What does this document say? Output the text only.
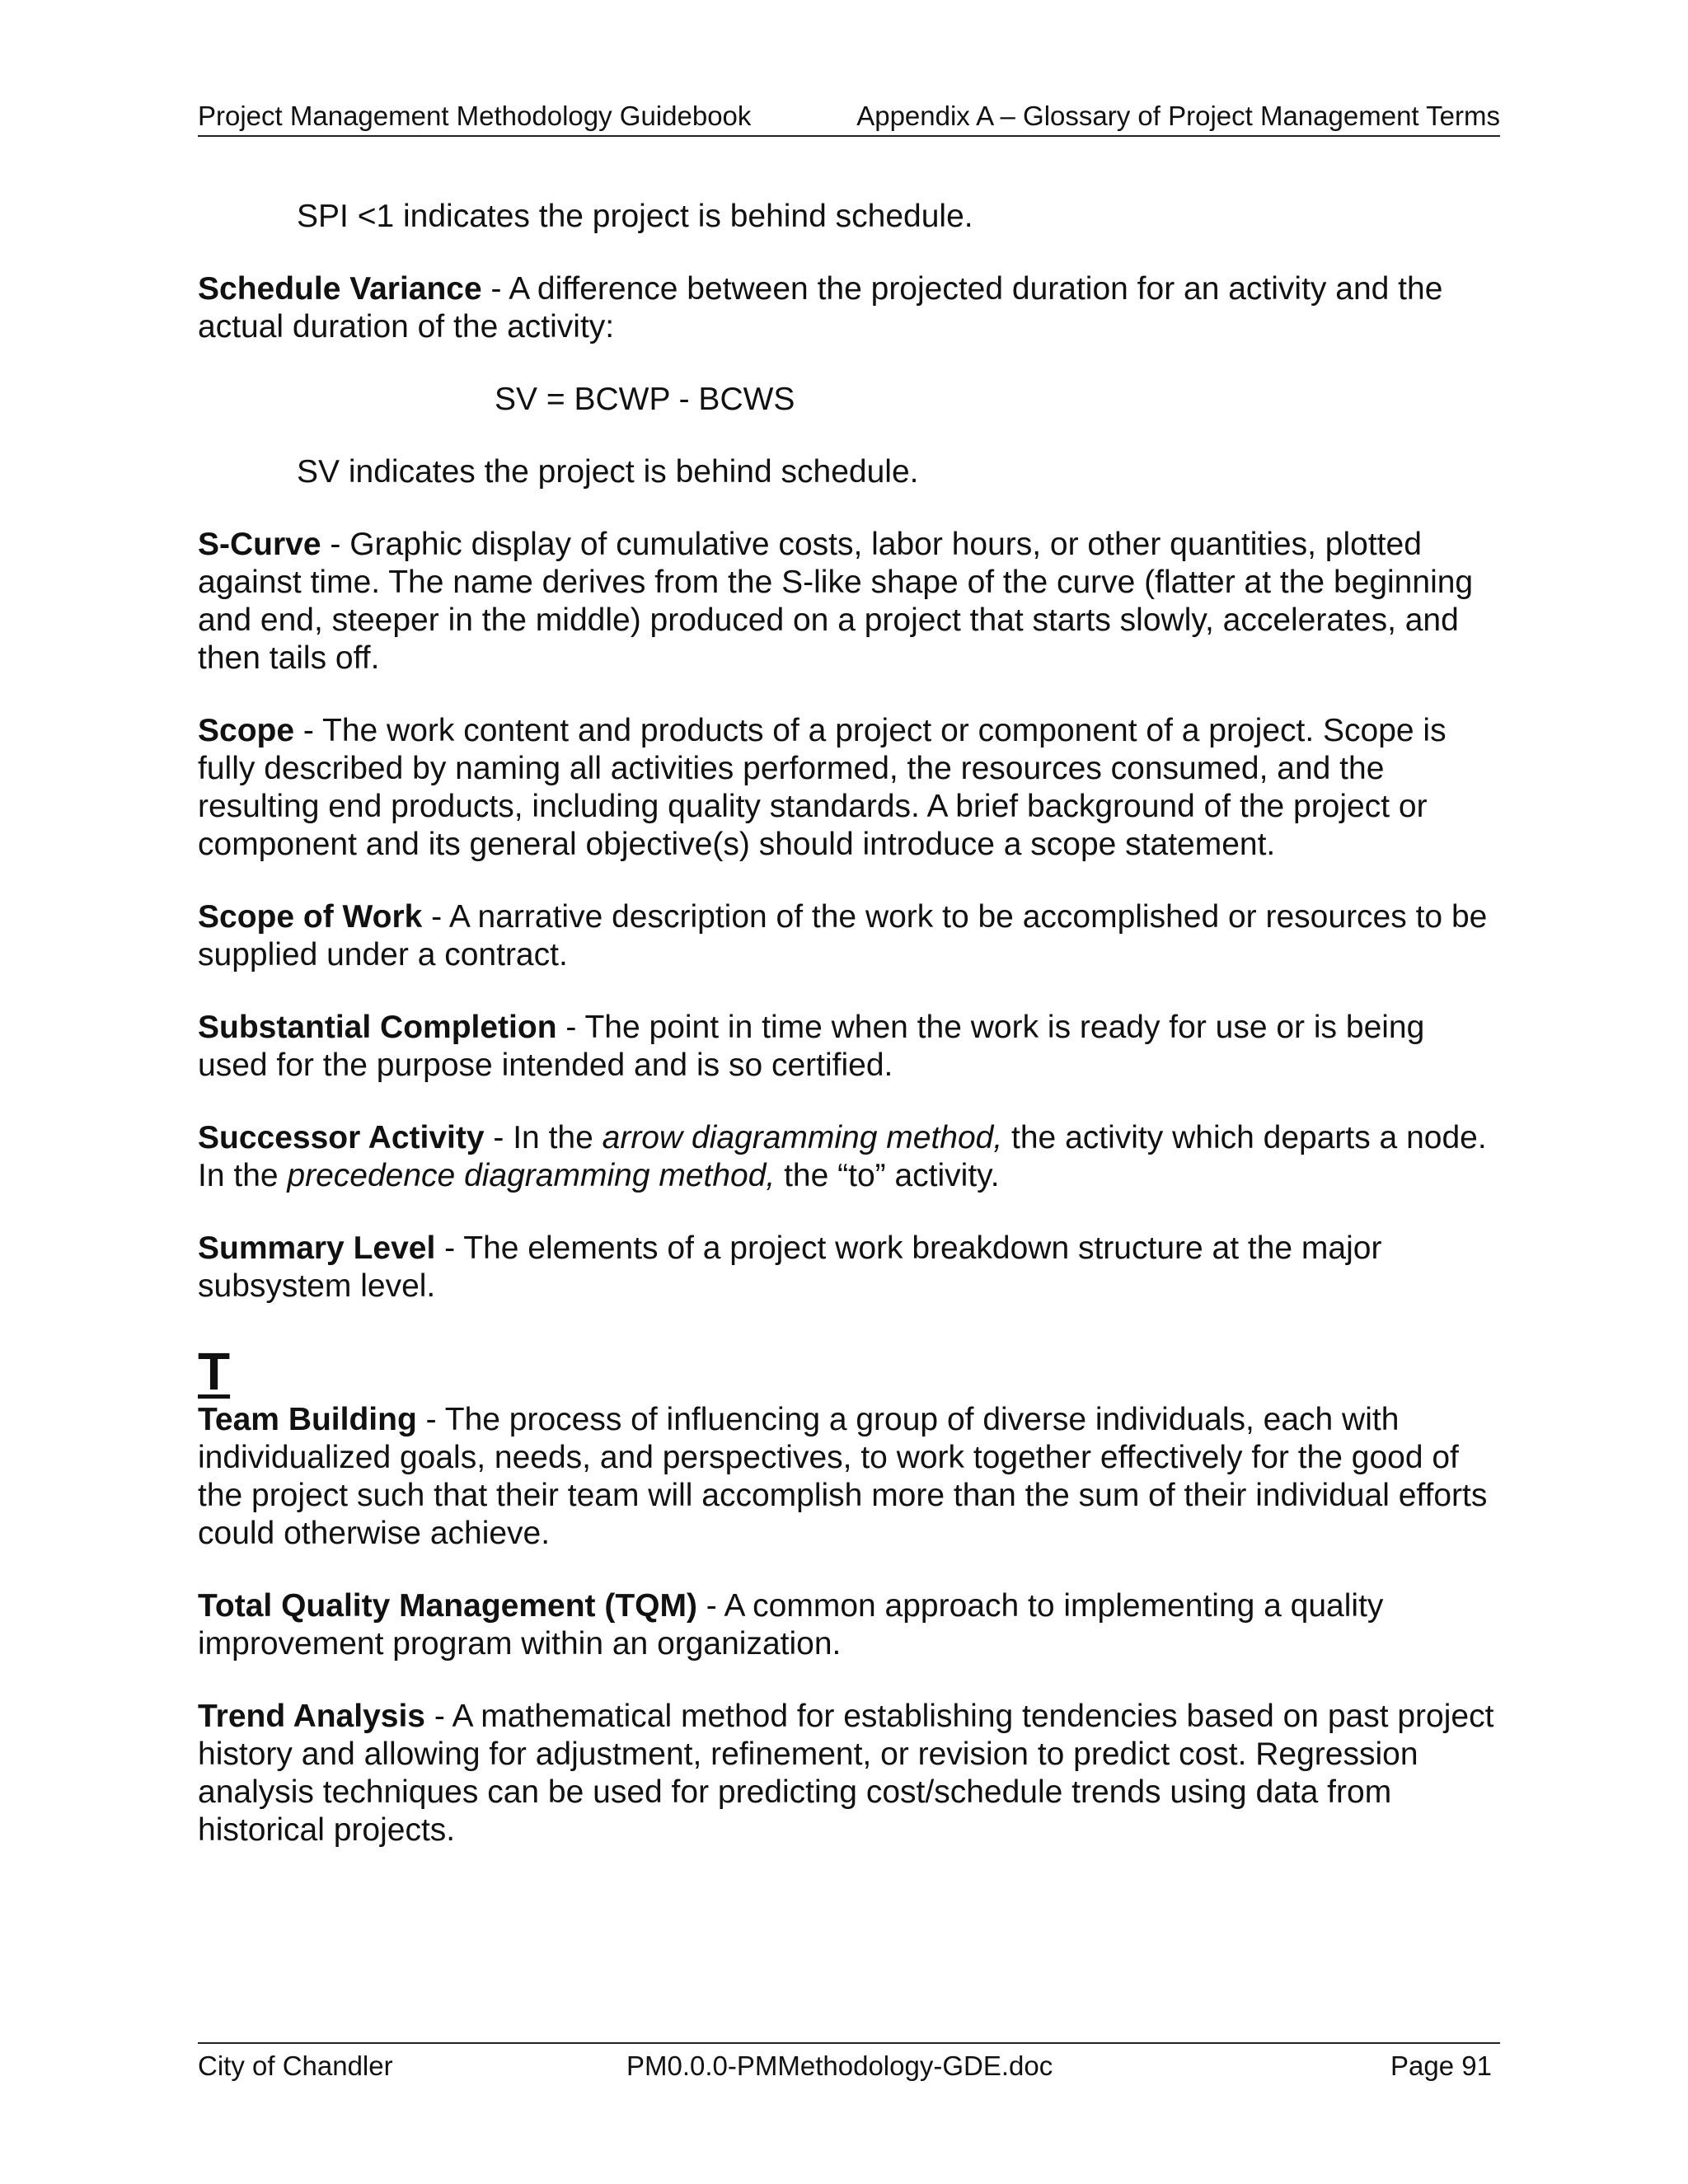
Project Management Methodology Guidebook	Appendix A – Glossary of Project Management Terms

SPI <1 indicates the project is behind schedule.

Schedule Variance - A difference between the projected duration for an activity and the actual duration of the activity:

SV = BCWP - BCWS

SV indicates the project is behind schedule.

S-Curve - Graphic display of cumulative costs, labor hours, or other quantities, plotted against time. The name derives from the S-like shape of the curve (flatter at the beginning and end, steeper in the middle) produced on a project that starts slowly, accelerates, and then tails off.

Scope - The work content and products of a project or component of a project. Scope is fully described by naming all activities performed, the resources consumed, and the resulting end products, including quality standards. A brief background of the project or component and its general objective(s) should introduce a scope statement.

Scope of Work - A narrative description of the work to be accomplished or resources to be supplied under a contract.

Substantial Completion - The point in time when the work is ready for use or is being used for the purpose intended and is so certified.

Successor Activity - In the arrow diagramming method, the activity which departs a node. In the precedence diagramming method, the “to” activity.

Summary Level - The elements of a project work breakdown structure at the major subsystem level.

T

Team Building - The process of influencing a group of diverse individuals, each with individualized goals, needs, and perspectives, to work together effectively for the good of the project such that their team will accomplish more than the sum of their individual efforts could otherwise achieve.

Total Quality Management (TQM) - A common approach to implementing a quality improvement program within an organization.

Trend Analysis - A mathematical method for establishing tendencies based on past project history and allowing for adjustment, refinement, or revision to predict cost. Regression analysis techniques can be used for predicting cost/schedule trends using data from historical projects.

City of Chandler	PM0.0.0-PMMethodology-GDE.doc	Page 91
